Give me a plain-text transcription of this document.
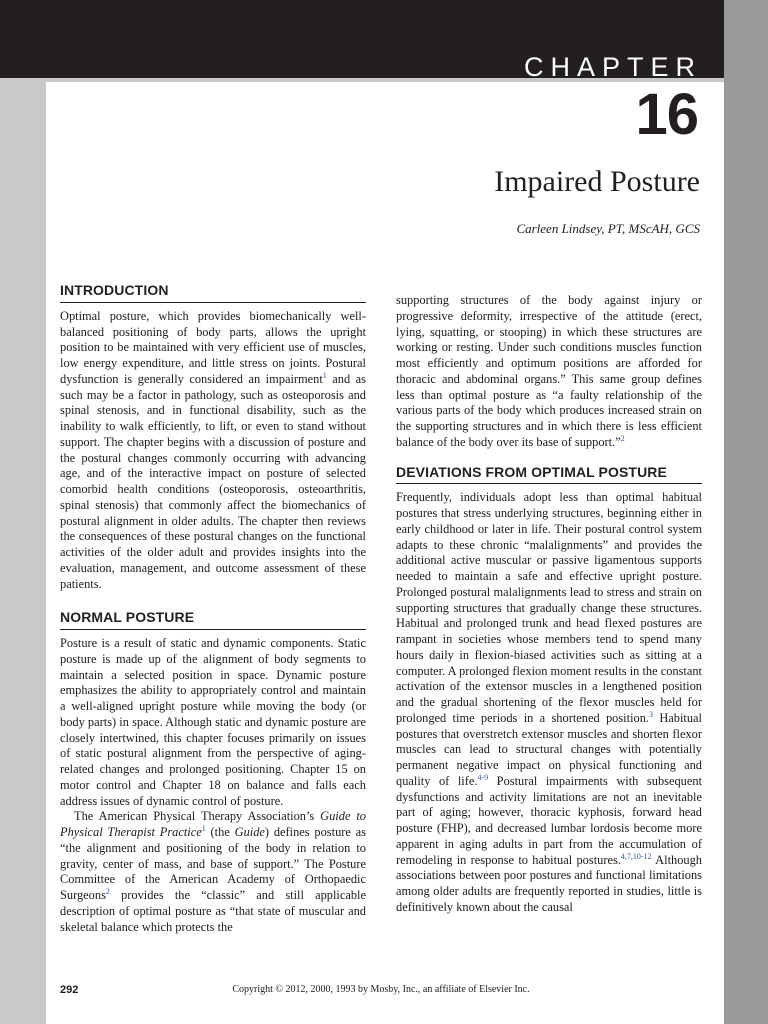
CHAPTER
16
Impaired Posture
Carleen Lindsey, PT, MScAH, GCS
INTRODUCTION

Optimal posture, which provides biomechanically well-balanced positioning of body parts, allows the upright position to be maintained with very efficient use of muscles, low energy expenditure, and little stress on joints. Postural dysfunction is generally considered an impairment$^1$ and as such may be a factor in pathology, such as osteoporosis and spinal stenosis, and in functional disability, such as the inability to walk efficiently, to lift, or even to stand without support. The chapter begins with a discussion of posture and the postural changes commonly occurring with advancing age, and of the interactive impact on posture of selected comorbid health conditions (osteoporosis, osteoarthritis, spinal stenosis) that commonly affect the biomechanics of postural alignment in older adults. The chapter then reviews the consequences of these postural changes on the functional activities of the older adult and provides insights into the evaluation, management, and outcome assessment of these patients.

NORMAL POSTURE

Posture is a result of static and dynamic components. Static posture is made up of the alignment of body segments to maintain a selected position in space. Dynamic posture emphasizes the ability to appropriately control and maintain a well-aligned upright posture while moving the body (or body parts) in space. Although static and dynamic posture are closely intertwined, this chapter focuses primarily on issues of static postural alignment from the perspective of aging-related changes and prolonged positioning. Chapter 15 on motor control and Chapter 18 on balance and falls each address issues of dynamic control of posture.

The American Physical Therapy Association’s Guide to Physical Therapist Practice$^1$ (the Guide) defines posture as “the alignment and positioning of the body in relation to gravity, center of mass, and base of support.” The Posture Committee of the American Academy of Orthopaedic Surgeons$^2$ provides the “classic” and still applicable description of optimal posture as “that state of muscular and skeletal balance which protects the

supporting structures of the body against injury or progressive deformity, irrespective of the attitude (erect, lying, squatting, or stooping) in which these structures are working or resting. Under such conditions muscles function most efficiently and optimum positions are afforded for thoracic and abdominal organs.” This same group defines less than optimal posture as “a faulty relationship of the various parts of the body which produces increased strain on the supporting structures and in which there is less efficient balance of the body over its base of support.”$^2$

DEVIATIONS FROM OPTIMAL POSTURE

Frequently, individuals adopt less than optimal habitual postures that stress underlying structures, beginning either in early childhood or later in life. Their postural control system adapts to these chronic “malalignments” and provides the additional active muscular or passive ligamentous supports needed to maintain a safe and effective upright posture. Prolonged postural malalignments lead to stress and strain on supporting structures that gradually change these structures. Habitual and prolonged trunk and head flexed postures are rampant in societies whose members tend to spend many hours daily in flexion-biased activities such as sitting at a computer. A prolonged flexion moment results in the constant activation of the extensor muscles in a lengthened position and the gradual shortening of the flexor muscles held for prolonged time periods in a shortened position.$^3$ Habitual postures that overstretch extensor muscles and shorten flexor muscles can lead to structural changes with potentially permanent negative impact on physical functioning and quality of life.$^{4-9}$ Postural impairments with subsequent dysfunctions and activity limitations are not an inevitable part of aging; however, thoracic kyphosis, forward head posture (FHP), and decreased lumbar lordosis become more apparent in aging adults in part from the accumulation of remodeling in response to habitual postures.$^{4,7,10-12}$ Although associations between poor postures and functional limitations among older adults are frequently reported in studies, little is definitively known about the causal

292	Copyright © 2012, 2000, 1993 by Mosby, Inc., an affiliate of Elsevier Inc.
